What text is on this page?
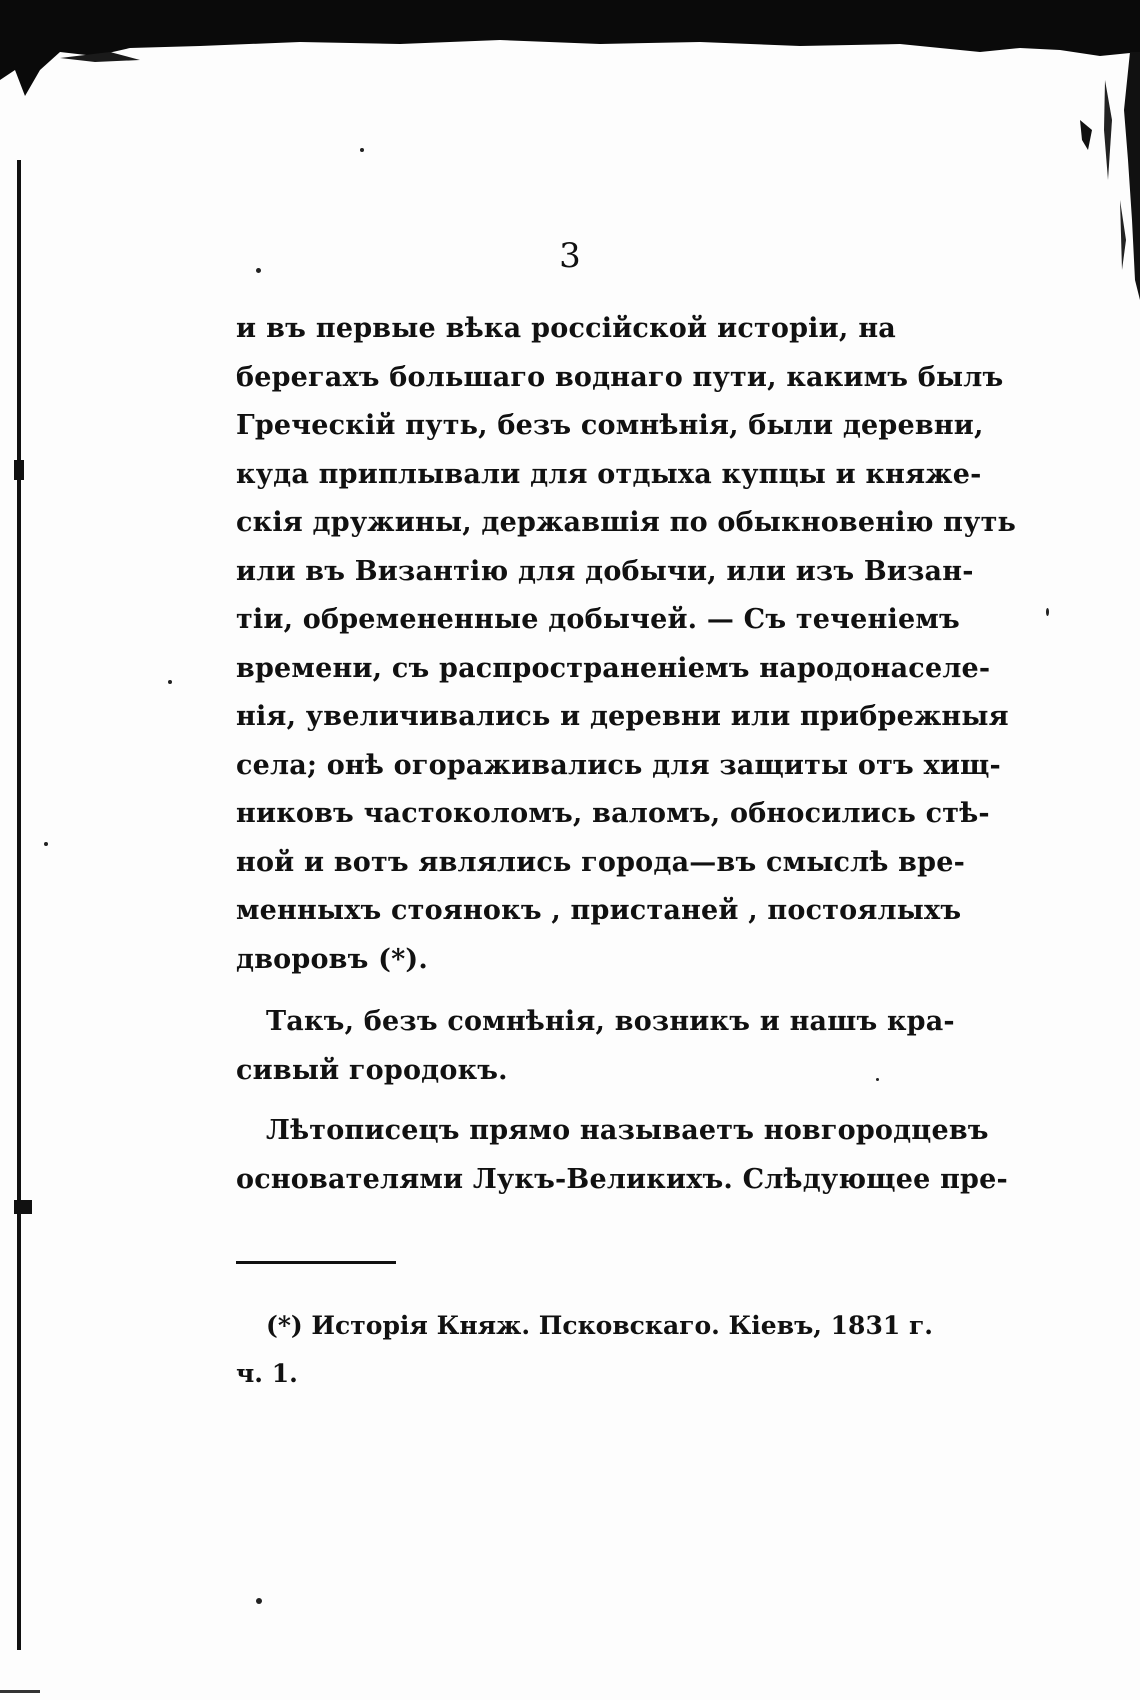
3
и въ первые вѣка россійской исторіи, на
берегахъ большаго воднаго пути, какимъ былъ
Греческій путь, безъ сомнѣнія, были деревни,
куда приплывали для отдыха купцы и княже-
скія дружины, державшія по обыкновенію путь
или въ Византію для добычи, или изъ Визан-
тіи, обремененные добычей. — Съ теченіемъ
времени, съ распространеніемъ народонаселе-
нія, увеличивались и деревни или прибрежныя
села; онѣ огораживались для защиты отъ хищ-
никовъ частоколомъ, валомъ, обносились стѣ-
ной и вотъ являлись города—въ смыслѣ вре-
менныхъ стоянокъ , пристаней , постоялыхъ
дворовъ (*).
Такъ, безъ сомнѣнія, возникъ и нашъ кра-
сивый городокъ.
Лѣтописецъ прямо называетъ новгородцевъ
основателями Лукъ-Великихъ. Слѣдующее пре-
(*) Исторія Княж. Псковскаго. Кіевъ, 1831 г.
ч. 1.
